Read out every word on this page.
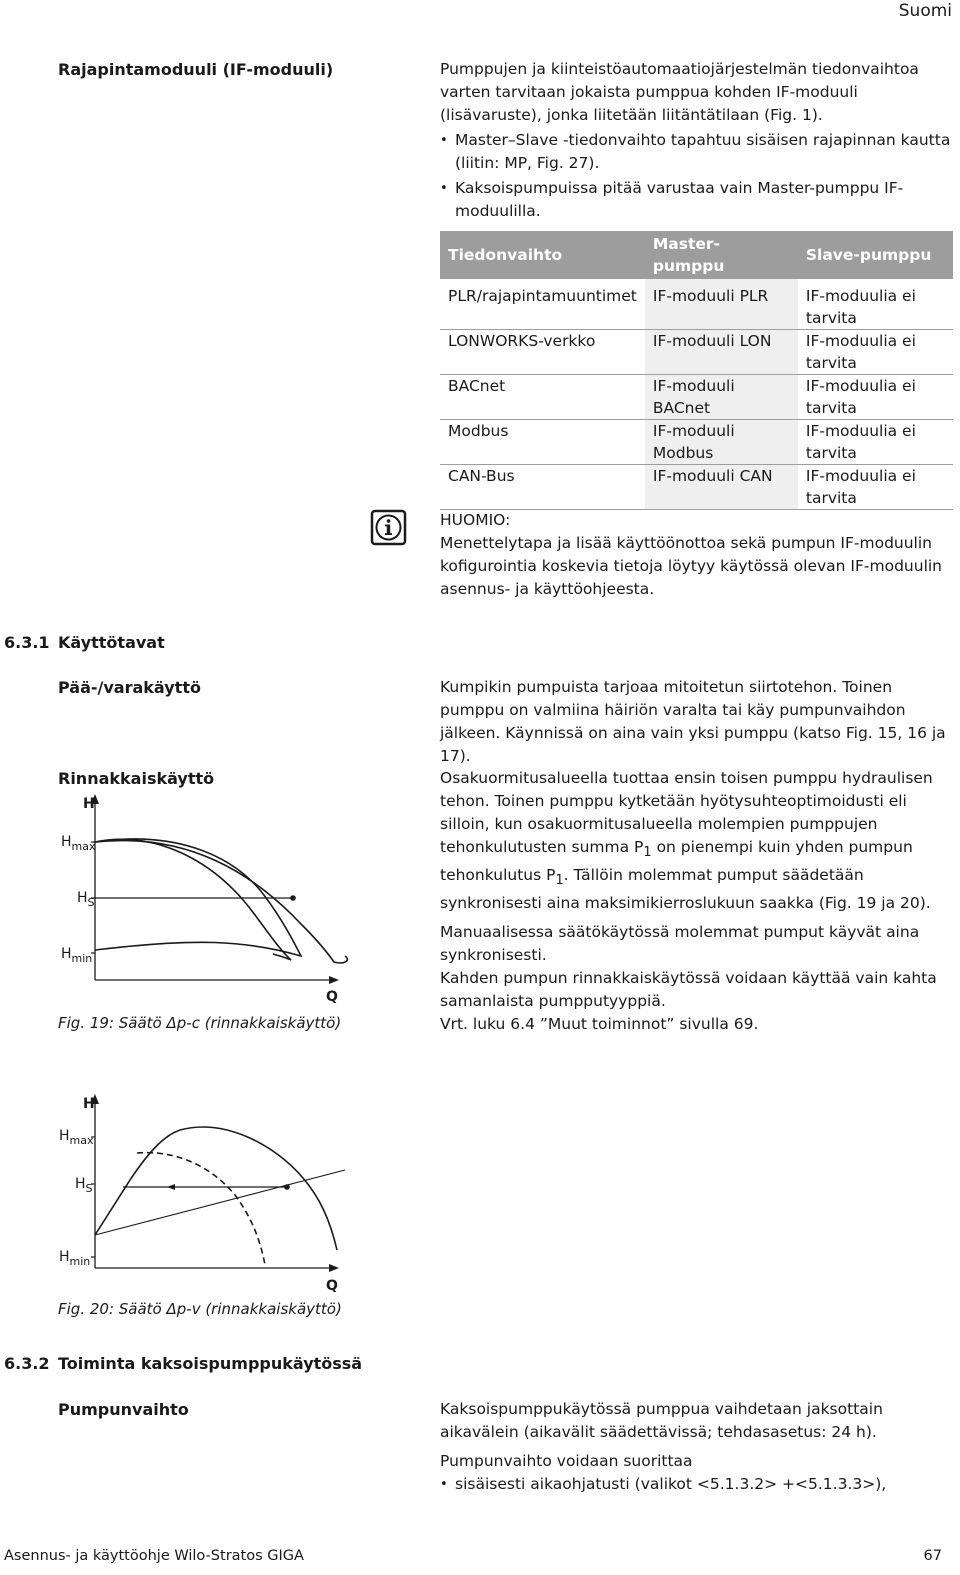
Suomi
Rajapintamoduuli (IF-moduuli)	Pumppujen ja kiinteistöautomaatiojärjestelmän tiedonvaihtoa varten tarvitaan jokaista pumppua kohden IF-moduuli (lisävaruste), jonka liitetään liitäntätilaan (Fig. 1).

• Master–Slave -tiedonvaihto tapahtuu sisäisen rajapinnan kautta (liitin: MP, Fig. 27).
• Kaksoispumpuissa pitää varustaa vain Master-pumppu IF-moduulilla.
Tiedonvaihto	Master-pumppu	Slave-pumppu
PLR/rajapintamuuntimet	IF-moduuli PLR	IF-moduulia ei tarvita
LONWORKS-verkko	IF-moduuli LON	IF-moduulia ei tarvita
BACnet	IF-moduuli BACnet	IF-moduulia ei tarvita
Modbus	IF-moduuli Modbus	IF-moduulia ei tarvita
CAN-Bus	IF-moduuli CAN	IF-moduulia ei tarvita

HUOMIO:

Menettelytapa ja lisää käyttöönottoa sekä pumpun IF-moduulin kofigurointia koskevia tietoja löytyy käytössä olevan IF-moduulin asennus- ja käyttöohjeesta.

6.3.1 Käyttötavat
Pää-/varakäyttö	Kumpikin pumpuista tarjoaa mitoitetun siirtotehon. Toinen pumppu on valmiina häiriön varalta tai käy pumpunvaihdon jälkeen. Käynnissä on aina vain yksi pumppu (katso Fig. 15, 16 ja 17).
Rinnakkaiskäyttö	Osakuormitusalueella tuottaa ensin toisen pumppu hydraulisen tehon. Toinen pumppu kytketään hyötysuhteoptimoidusti eli silloin, kun osakuormitusalueella molempien pumppujen tehonkulutusten summa $P_1$ on pienempi kuin yhden pumpun tehonkulutus $P_1$. Tällöin molemmat pumput säädetään synkronisesti aina maksimikierroslukuun saakka (Fig. 19 ja 20).

Manuaalisessa säätökäytössä molemmat pumput käyvät aina synkronisesti.

Kahden pumpun rinnakkaiskäytössä voidaan käyttää vain kahta samanlaista pumpputyyppiä.

Vrt. luku 6.4 ”Muut toiminnot” sivulla 69.

H
$H_{max}$
$H_S$
$H_{min}$
Q
Fig. 19: Säätö Δp-c (rinnakkaiskäyttö)
H
$H_{max}$
$H_S$
$H_{min}$
Q
Fig. 20: Säätö Δp-v (rinnakkaiskäyttö)
6.3.2 Toiminta kaksoispumppukäytössä
Pumpunvaihto	Kaksoispumppukäytössä pumppua vaihdetaan jaksottain aikavälein (aikavälit säädettävissä; tehdasasetus: 24 h).

Pumpunvaihto voidaan suorittaa

• sisäisesti aikaohjatusti (valikot <5.1.3.2> +<5.1.3.3>),
Asennus- ja käyttöohje Wilo-Stratos GIGA	67
